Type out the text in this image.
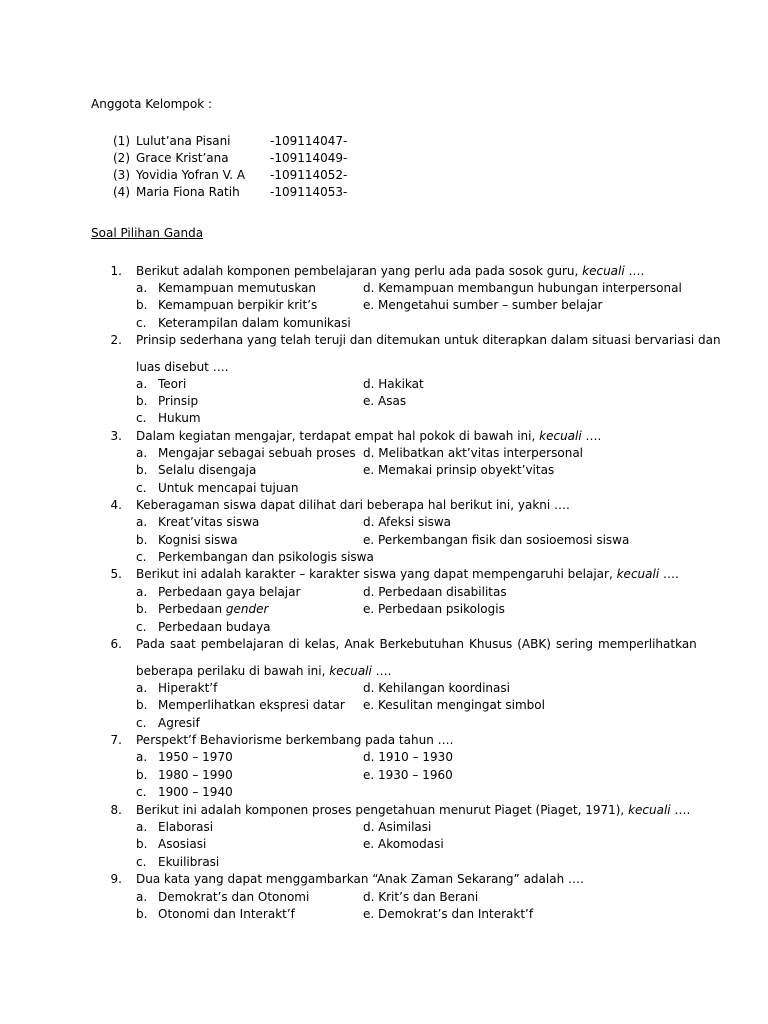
Anggota Kelompok :
(1) Lulut’ana Pisani	-109114047-
(2) Grace Krist’ana	-109114049-
(3) Yovidia Yofran V. A -109114052-
(4) Maria Fiona Ratih	-109114053-
Soal Pilihan Ganda
1. Berikut adalah komponen pembelajaran yang perlu ada pada sosok guru, kecuali ….
a. Kemampuan memutuskan	d. Kemampuan membangun hubungan interpersonal
b. Kemampuan berpikir krit’s	e. Mengetahui sumber – sumber belajar
c. Keterampilan dalam komunikasi
2. Prinsip sederhana yang telah teruji dan ditemukan untuk diterapkan dalam situasi bervariasi dan
luas disebut ….
a. Teori	d. Hakikat
b. Prinsip	e. Asas
c. Hukum
3. Dalam kegiatan mengajar, terdapat empat hal pokok di bawah ini, kecuali ….
a. Mengajar sebagai sebuah proses d. Melibatkan akt’vitas interpersonal
b. Selalu disengaja	e. Memakai prinsip obyekt’vitas
c. Untuk mencapai tujuan
4. Keberagaman siswa dapat dilihat dari beberapa hal berikut ini, yakni ….
a. Kreat’vitas siswa	d. Afeksi siswa
b. Kognisi siswa	e. Perkembangan fisik dan sosioemosi siswa
c. Perkembangan dan psikologis siswa
5. Berikut ini adalah karakter – karakter siswa yang dapat mempengaruhi belajar, kecuali ….
a. Perbedaan gaya belajar	d. Perbedaan disabilitas
b. Perbedaan gender	e. Perbedaan psikologis
c. Perbedaan budaya
6. Pada saat pembelajaran di kelas, Anak Berkebutuhan Khusus (ABK) sering memperlihatkan
beberapa perilaku di bawah ini, kecuali ….
a. Hiperakt’f	d. Kehilangan koordinasi
b. Memperlihatkan ekspresi datar e. Kesulitan mengingat simbol
c. Agresif
7. Perspekt’f Behaviorisme berkembang pada tahun ….
a. 1950 – 1970	d. 1910 – 1930
b. 1980 – 1990	e. 1930 – 1960
c. 1900 – 1940
8. Berikut ini adalah komponen proses pengetahuan menurut Piaget (Piaget, 1971), kecuali ….
a. Elaborasi	d. Asimilasi
b. Asosiasi	e. Akomodasi
c. Ekuilibrasi
9. Dua kata yang dapat menggambarkan “Anak Zaman Sekarang” adalah ….
a. Demokrat’s dan Otonomi	d. Krit’s dan Berani
b. Otonomi dan Interakt’f	e. Demokrat’s dan Interakt’f
